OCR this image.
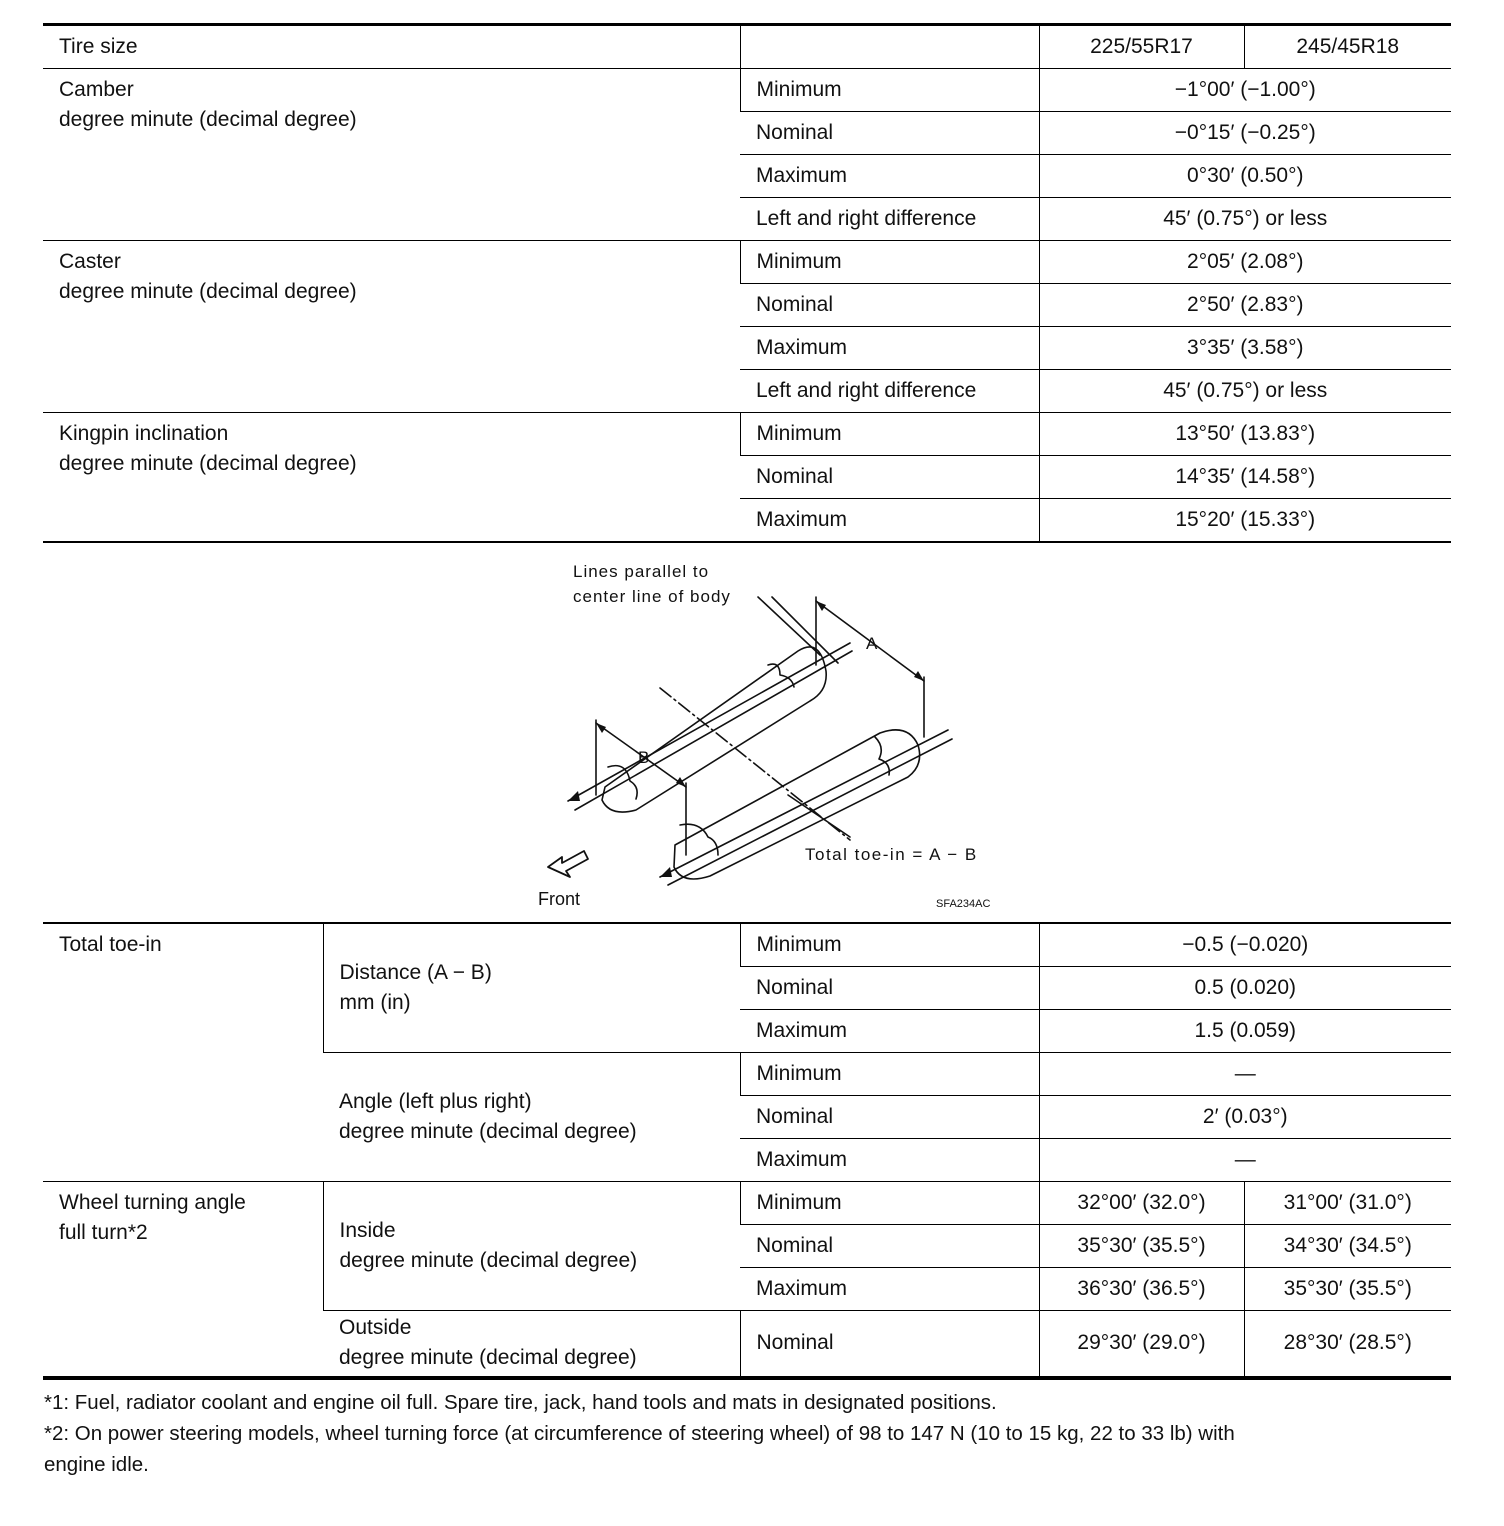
Tire size		225/55R17	245/45R18

Camber
degree minute (decimal degree)	Minimum	−1°00′ (−1.00°)	
	Nominal	−0°15′ (−0.25°)	
	Maximum	0°30′ (0.50°)	
	Left and right difference	45′ (0.75°) or less	

Caster
degree minute (decimal degree)	Minimum	2°05′ (2.08°)	
	Nominal	2°50′ (2.83°)	
	Maximum	3°35′ (3.58°)	
	Left and right difference	45′ (0.75°) or less	

Kingpin inclination
degree minute (decimal degree)	Minimum	13°50′ (13.83°)	
	Nominal	14°35′ (14.58°)	
	Maximum	15°20′ (15.33°)	
Lines parallel to
center line of body
A
B
Total toe-in = A − B
Front	SFA234AC
Total toe-in	Distance (A − B)
mm (in)	Minimum	−0.5 (−0.020)	
		Nominal	0.5 (0.020)	
		Maximum	1.5 (0.059)	

	Angle (left plus right)
degree minute (decimal degree)	Minimum	—	
		Nominal	2′ (0.03°)	
		Maximum	—	

Wheel turning angle
full turn*2	Inside
degree minute (decimal degree)	Minimum	32°00′ (32.0°)	31°00′ (31.0°)
		Nominal	35°30′ (35.5°)	34°30′ (34.5°)
		Maximum	36°30′ (36.5°)	35°30′ (35.5°)

	Outside
degree minute (decimal degree)	Nominal	29°30′ (29.0°)	28°30′ (28.5°)

*1: Fuel, radiator coolant and engine oil full. Spare tire, jack, hand tools and mats in designated positions.

*2: On power steering models, wheel turning force (at circumference of steering wheel) of 98 to 147 N (10 to 15 kg, 22 to 33 lb) with

engine idle.
